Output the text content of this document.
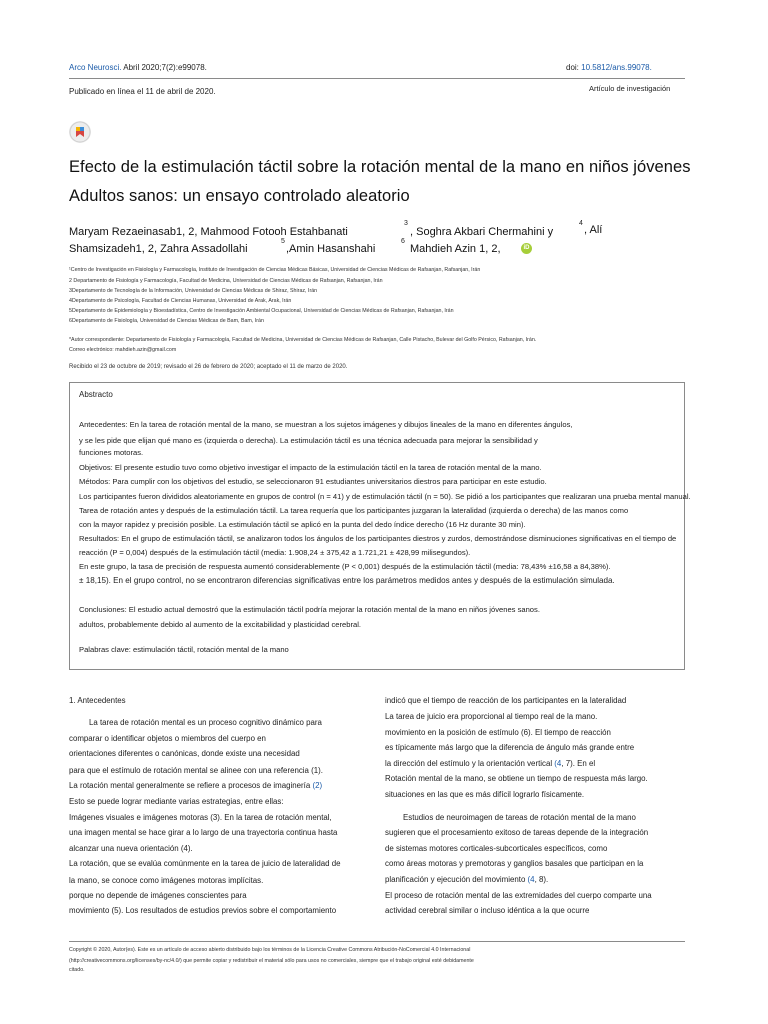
Arco Neurosci. Abril 2020;7(2):e99078.	doi: 10.5812/ans.99078.
Publicado en línea el 11 de abril de 2020.	Artículo de investigación
Efecto de la estimulación táctil sobre la rotación mental de la mano en niños jóvenes
Adultos sanos: un ensayo controlado aleatorio
Maryam Rezaeinasab1, 2, Mahmood Fotooh Estahbanati
3
, Soghra Akbari Chermahini y
4
, Alí
Shamsizadeh1, 2, Zahra Assadollahi
5
,Amin Hasanshahi
6
Mahdieh Azin 1, 2,	iD
¹Centro de Investigación en Fisiología y Farmacología, Instituto de Investigación de Ciencias Médicas Básicas, Universidad de Ciencias Médicas de Rafsanjan, Rafsanjan, Irán
2 Departamento de Fisiología y Farmacología, Facultad de Medicina, Universidad de Ciencias Médicas de Rafsanjan, Rafsanjan, Irán
3Departamento de Tecnología de la Información, Universidad de Ciencias Médicas de Shiraz, Shiraz, Irán
4Departamento de Psicología, Facultad de Ciencias Humanas, Universidad de Arak, Arak, Irán
5Departamento de Epidemiología y Bioestadística, Centro de Investigación Ambiental Ocupacional, Universidad de Ciencias Médicas de Rafsanjan, Rafsanjan, Irán
6Departamento de Fisiología, Universidad de Ciencias Médicas de Bam, Bam, Irán
*Autor correspondiente: Departamento de Fisiología y Farmacología, Facultad de Medicina, Universidad de Ciencias Médicas de Rafsanjan, Calle Pistacho, Bulevar del Golfo Pérsico, Rafsanjan, Irán.
Correo electrónico: mahdieh.azin@gmail.com
Recibido el 23 de octubre de 2019; revisado el 26 de febrero de 2020; aceptado el 11 de marzo de 2020.
Abstracto
Antecedentes: En la tarea de rotación mental de la mano, se muestran a los sujetos imágenes y dibujos lineales de la mano en diferentes ángulos,
y se les pide que elijan qué mano es (izquierda o derecha). La estimulación táctil es una técnica adecuada para mejorar la sensibilidad y
funciones motoras.
Objetivos: El presente estudio tuvo como objetivo investigar el impacto de la estimulación táctil en la tarea de rotación mental de la mano.
Métodos: Para cumplir con los objetivos del estudio, se seleccionaron 91 estudiantes universitarios diestros para participar en este estudio.
Los participantes fueron divididos aleatoriamente en grupos de control (n = 41) y de estimulación táctil (n = 50). Se pidió a los participantes que realizaran una prueba mental manual.
Tarea de rotación antes y después de la estimulación táctil. La tarea requería que los participantes juzgaran la lateralidad (izquierda o derecha) de las manos como
con la mayor rapidez y precisión posible. La estimulación táctil se aplicó en la punta del dedo índice derecho (16 Hz durante 30 min).
Resultados: En el grupo de estimulación táctil, se analizaron todos los ángulos de los participantes diestros y zurdos, demostrándose disminuciones significativas en el tiempo de
reacción (P = 0,004) después de la estimulación táctil (media: 1.908,24 ± 375,42 a 1.721,21 ± 428,99 milisegundos).
En este grupo, la tasa de precisión de respuesta aumentó considerablemente (P < 0,001) después de la estimulación táctil (media: 78,43% ±16,58 a 84,38%).
± 18,15). En el grupo control, no se encontraron diferencias significativas entre los parámetros medidos antes y después de la estimulación simulada.
Conclusiones: El estudio actual demostró que la estimulación táctil podría mejorar la rotación mental de la mano en niños jóvenes sanos.
adultos, probablemente debido al aumento de la excitabilidad y plasticidad cerebral.
Palabras clave: estimulación táctil, rotación mental de la mano
1. Antecedentes
La tarea de rotación mental es un proceso cognitivo dinámico para
comparar o identificar objetos o miembros del cuerpo en
orientaciones diferentes o canónicas, donde existe una necesidad
para que el estímulo de rotación mental se alinee con una referencia (1).
La rotación mental generalmente se refiere a procesos de imaginería (2)
Esto se puede lograr mediante varias estrategias, entre ellas:
Imágenes visuales e imágenes motoras (3). En la tarea de rotación mental,
una imagen mental se hace girar a lo largo de una trayectoria continua hasta
alcanzar una nueva orientación (4).
La rotación, que se evalúa comúnmente en la tarea de juicio de lateralidad de
la mano, se conoce como imágenes motoras implícitas.
porque no depende de imágenes conscientes para
movimiento (5). Los resultados de estudios previos sobre el comportamiento
indicó que el tiempo de reacción de los participantes en la lateralidad
La tarea de juicio era proporcional al tiempo real de la mano.
movimiento en la posición de estímulo (6). El tiempo de reacción
es típicamente más largo que la diferencia de ángulo más grande entre
la dirección del estímulo y la orientación vertical (4, 7). En el
Rotación mental de la mano, se obtiene un tiempo de respuesta más largo.
situaciones en las que es más difícil lograrlo físicamente.
Estudios de neuroimagen de tareas de rotación mental de la mano
sugieren que el procesamiento exitoso de tareas depende de la integración
de sistemas motores corticales-subcorticales específicos, como
como áreas motoras y premotoras y ganglios basales que participan en la
planificación y ejecución del movimiento (4, 8).
El proceso de rotación mental de las extremidades del cuerpo comparte una
actividad cerebral similar o incluso idéntica a la que ocurre
Copyright © 2020, Autor(es). Este es un artículo de acceso abierto distribuido bajo los términos de la Licencia Creative Commons Atribución-NoComercial 4.0 Internacional
(http://creativecommons.org/licenses/by-nc/4.0/) que permite copiar y redistribuir el material sólo para usos no comerciales, siempre que el trabajo original esté debidamente
citado.
